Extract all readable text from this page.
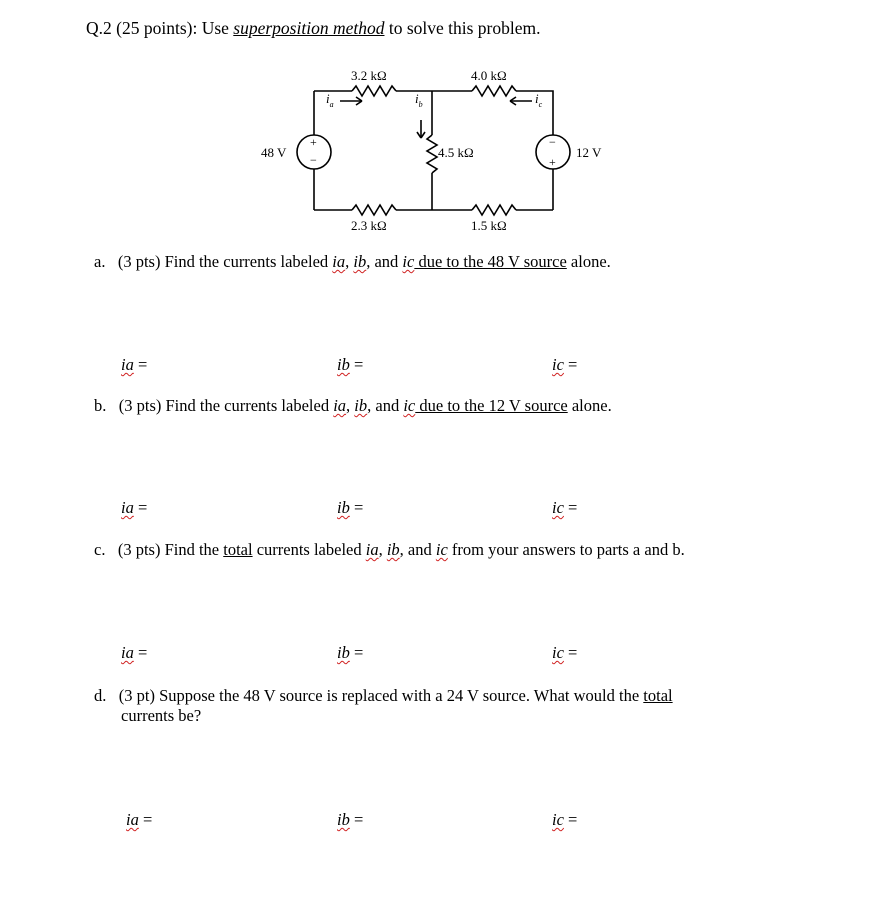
Q.2 (25 points): Use superposition method to solve this problem.
3.2 kΩ	4.0 kΩ
4.5 kΩ
2.3 kΩ	1.5 kΩ
48 V	12 V
+
−
−
+
$i_a$	$i_b$	$i_c$
a. (3 pts) Find the currents labeled ia, ib, and ic due to the 48 V source alone.
ia =	ib =	ic =
b. (3 pts) Find the currents labeled ia, ib, and ic due to the 12 V source alone.
ia =	ib =	ic =
c. (3 pts) Find the total currents labeled ia, ib, and ic from your answers to parts a and b.
ia =	ib =	ic =
d. (3 pt) Suppose the 48 V source is replaced with a 24 V source. What would the total
currents be?
ia =	ib =	ic =
